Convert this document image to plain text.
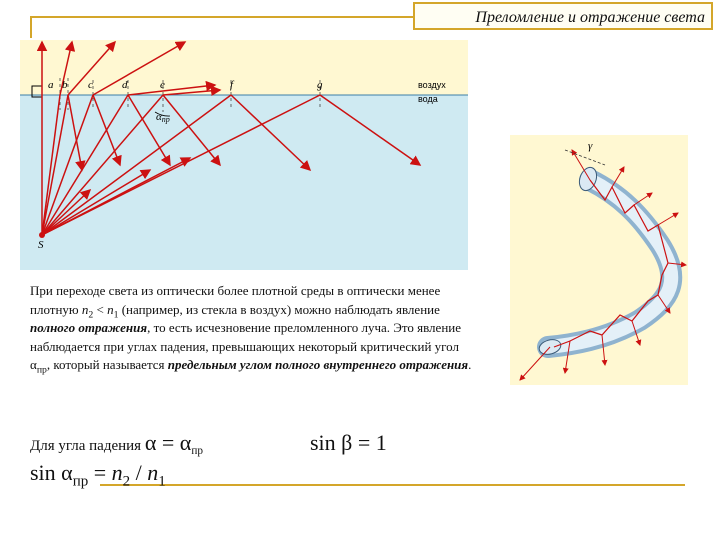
Преломление и отражение света
a b c	d	e	f	g
S
воздух
вода
αпр
γ
При переходе света из оптически более плотной среды в оптически менее плотную $n_2 < n_1$ (например, из стекла в воздух) можно наблюдать явление полного отражения, то есть исчезновение преломленного луча. Это явление наблюдается при углах падения, превышающих некоторый критический угол $\alpha_{пр}$, который называется предельным углом полного внутреннего отражения.
Для угла падения $\alpha = \alpha_{пр}$	sin β = 1
$\sin \alpha_{пр} = n_2 / n_1$
